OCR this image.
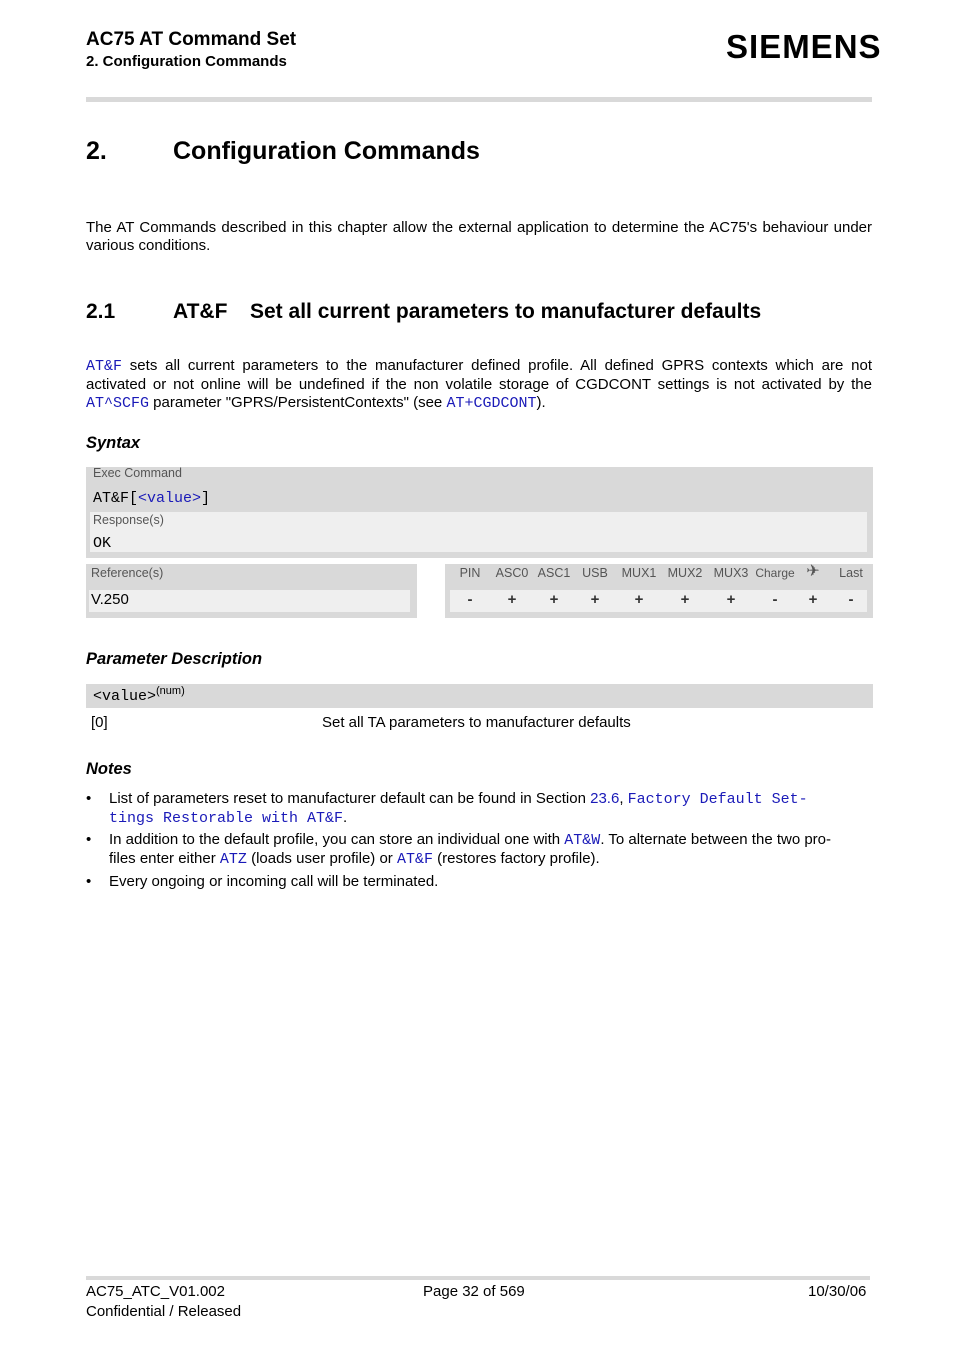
AC75 AT Command Set
2. Configuration Commands	SIEMENS
2.	Configuration Commands
The AT Commands described in this chapter allow the external application to determine the AC75's behaviour under various conditions.
2.1	AT&F Set all current parameters to manufacturer defaults
AT&F sets all current parameters to the manufacturer defined profile. All defined GPRS contexts which are not activated or not online will be undefined if the non volatile storage of CGDCONT settings is not activated by the AT^SCFG parameter "GPRS/PersistentContexts" (see AT+CGDCONT).
Syntax
Exec Command
AT&F[<value>]
Response(s)
OK
Reference(s)
V.250
PIN	ASC0 ASC1 USB	MUX1 MUX2 MUX3 Charge ✈	Last
-	+	+	+	+	+	+	-	+	-
Parameter Description
<value>$^{(num)}$
[0]	Set all TA parameters to manufacturer defaults
Notes
• List of parameters reset to manufacturer default can be found in Section 23.6, Factory Default Set-
tings Restorable with AT&F.
• In addition to the default profile, you can store an individual one with AT&W. To alternate between the two pro-
files enter either ATZ (loads user profile) or AT&F (restores factory profile).
• Every ongoing or incoming call will be terminated.
AC75_ATC_V01.002
Confidential / Released
Page 32 of 569	10/30/06
